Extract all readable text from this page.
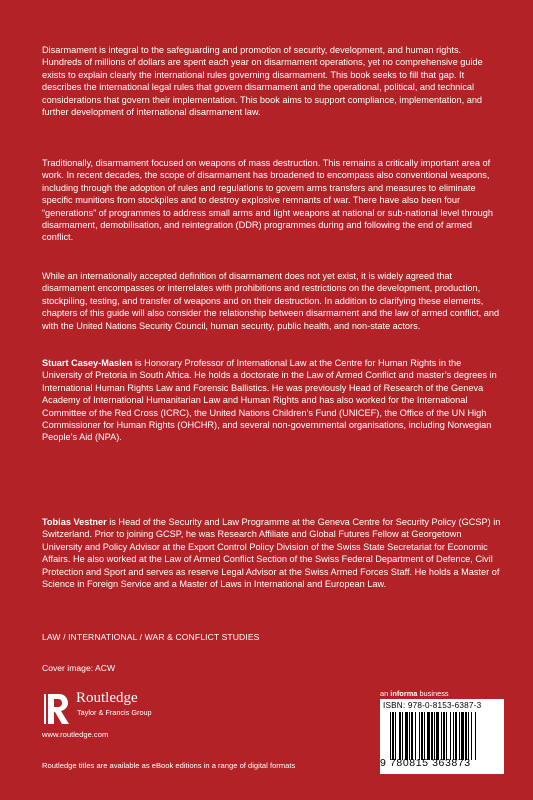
Disarmament is integral to the safeguarding and promotion of security, development, and human rights. Hundreds of millions of dollars are spent each year on disarmament operations, yet no comprehensive guide exists to explain clearly the international rules governing disarmament. This book seeks to fill that gap. It describes the international legal rules that govern disarmament and the operational, political, and technical considerations that govern their implementation. This book aims to support compliance, implementation, and further development of international disarmament law.

Traditionally, disarmament focused on weapons of mass destruction. This remains a critically important area of work. In recent decades, the scope of disarmament has broadened to encompass also conventional weapons, including through the adoption of rules and regulations to govern arms transfers and measures to eliminate specific munitions from stockpiles and to destroy explosive remnants of war. There have also been four “generations” of programmes to address small arms and light weapons at national or sub-national level through disarmament, demobilisation, and reintegration (DDR) programmes during and following the end of armed conflict.

While an internationally accepted definition of disarmament does not yet exist, it is widely agreed that disarmament encompasses or interrelates with prohibitions and restrictions on the development, production, stockpiling, testing, and transfer of weapons and on their destruction. In addition to clarifying these elements, chapters of this guide will also consider the relationship between disarmament and the law of armed conflict, and with the United Nations Security Council, human security, public health, and non-state actors.

Stuart Casey-Maslen is Honorary Professor of International Law at the Centre for Human Rights in the University of Pretoria in South Africa. He holds a doctorate in the Law of Armed Conflict and master’s degrees in International Human Rights Law and Forensic Ballistics. He was previously Head of Research of the Geneva Academy of International Humanitarian Law and Human Rights and has also worked for the International Committee of the Red Cross (ICRC), the United Nations Children’s Fund (UNICEF), the Office of the UN High Commissioner for Human Rights (OHCHR), and several non-governmental organisations, including Norwegian People’s Aid (NPA).

Tobias Vestner is Head of the Security and Law Programme at the Geneva Centre for Security Policy (GCSP) in Switzerland. Prior to joining GCSP, he was Research Affiliate and Global Futures Fellow at Georgetown University and Policy Advisor at the Export Control Policy Division of the Swiss State Secretariat for Economic Affairs. He also worked at the Law of Armed Conflict Section of the Swiss Federal Department of Defence, Civil Protection and Sport and serves as reserve Legal Advisor at the Swiss Armed Forces Staff. He holds a Master of Science in Foreign Service and a Master of Laws in International and European Law.

LAW / INTERNATIONAL / WAR & CONFLICT STUDIES
Cover image: ACW
Routledge
Taylor & Francis Group
www.routledge.com
Routledge titles are available as eBook editions in a range of digital formats
an informa business
ISBN: 978-0-8153-6387-3
9 780815 363873
